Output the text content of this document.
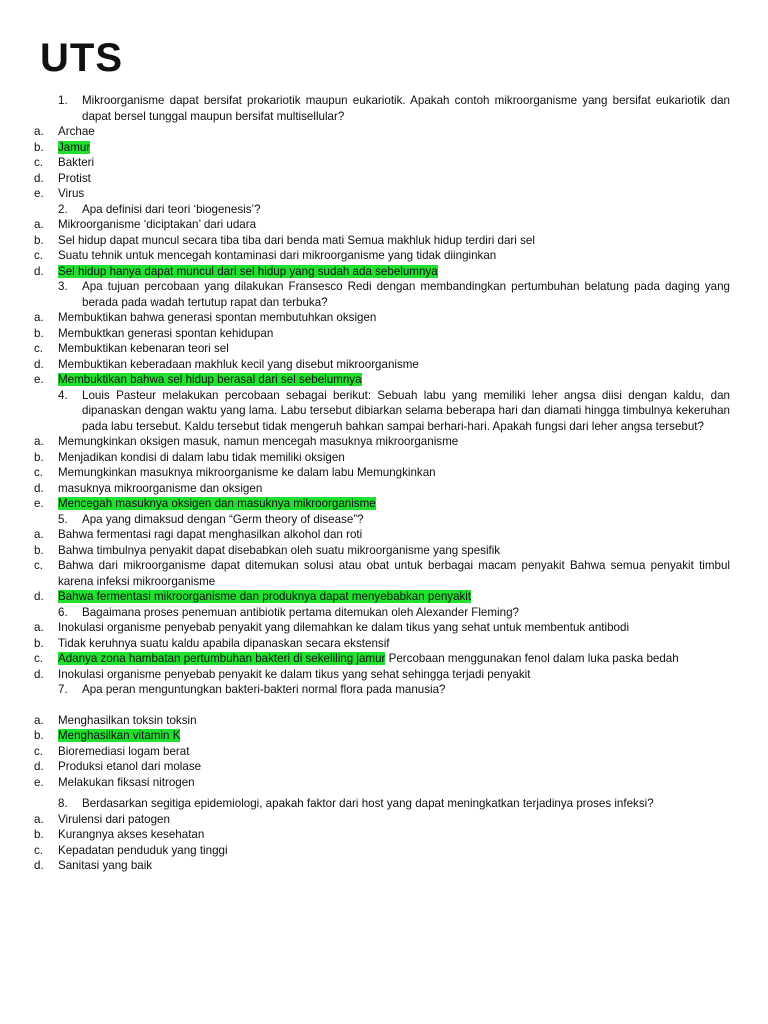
UTS
1.	Mikroorganisme dapat bersifat prokariotik maupun eukariotik. Apakah contoh mikroorganisme yang bersifat eukariotik dan dapat bersel tunggal maupun bersifat multisellular?
a.	Archae
b.	Jamur
c.	Bakteri
d.	Protist
e.	Virus
2.	Apa definisi dari teori ‘biogenesis’?
a.	Mikroorganisme ‘diciptakan’ dari udara
b.	Sel hidup dapat muncul secara tiba tiba dari benda mati Semua makhluk hidup terdiri dari sel
c.	Suatu tehnik untuk mencegah kontaminasi dari mikroorganisme yang tidak diinginkan
d.	Sel hidup hanya dapat muncul dari sel hidup yang sudah ada sebelumnya
3.	Apa tujuan percobaan yang dilakukan Fransesco Redi dengan membandingkan pertumbuhan belatung pada daging yang berada pada wadah tertutup rapat dan terbuka?
a.	Membuktikan bahwa generasi spontan membutuhkan oksigen
b.	Membuktkan generasi spontan kehidupan
c.	Membuktikan kebenaran teori sel
d.	Membuktikan keberadaan makhluk kecil yang disebut mikroorganisme
e.	Membuktikan bahwa sel hidup berasal dari sel sebelumnya
4.	Louis Pasteur melakukan percobaan sebagai berikut: Sebuah labu yang memiliki leher angsa diisi dengan kaldu, dan dipanaskan dengan waktu yang lama. Labu tersebut dibiarkan selama beberapa hari dan diamati hingga timbulnya kekeruhan pada labu tersebut. Kaldu tersebut tidak mengeruh bahkan sampai berhari-hari. Apakah fungsi dari leher angsa tersebut?
a.	Memungkinkan oksigen masuk, namun mencegah masuknya mikroorganisme
b.	Menjadikan kondisi di dalam labu tidak memiliki oksigen
c.	Memungkinkan masuknya mikroorganisme ke dalam labu Memungkinkan
d.	masuknya mikroorganisme dan oksigen
e.	Mencegah masuknya oksigen dan masuknya mikroorganisme
5.	Apa yang dimaksud dengan “Germ theory of disease”?
a.	Bahwa fermentasi ragi dapat menghasilkan alkohol dan roti
b.	Bahwa timbulnya penyakit dapat disebabkan oleh suatu mikroorganisme yang spesifik
c.	Bahwa dari mikroorganisme dapat ditemukan solusi atau obat untuk berbagai macam penyakit Bahwa semua penyakit timbul karena infeksi mikroorganisme
d.	Bahwa fermentasi mikroorganisme dan produknya dapat menyebabkan penyakit
6.	Bagaimana proses penemuan antibiotik pertama ditemukan oleh Alexander Fleming?
a.	Inokulasi organisme penyebab penyakit yang dilemahkan ke dalam tikus yang sehat untuk membentuk antibodi
b.	Tidak keruhnya suatu kaldu apabila dipanaskan secara ekstensif
c.	Adanya zona hambatan pertumbuhan bakteri di sekeliling jamur Percobaan menggunakan fenol dalam luka paska bedah
d.	Inokulasi organisme penyebab penyakit ke dalam tikus yang sehat sehingga terjadi penyakit
7.	Apa peran menguntungkan bakteri-bakteri normal flora pada manusia?
a.	Menghasilkan toksin toksin
b.	Menghasilkan vitamin K
c.	Bioremediasi logam berat
d.	Produksi etanol dari molase
e.	Melakukan fiksasi nitrogen
8.	Berdasarkan segitiga epidemiologi, apakah faktor dari host yang dapat meningkatkan terjadinya proses infeksi?
a.	Virulensi dari patogen
b.	Kurangnya akses kesehatan
c.	Kepadatan penduduk yang tinggi
d.	Sanitasi yang baik
